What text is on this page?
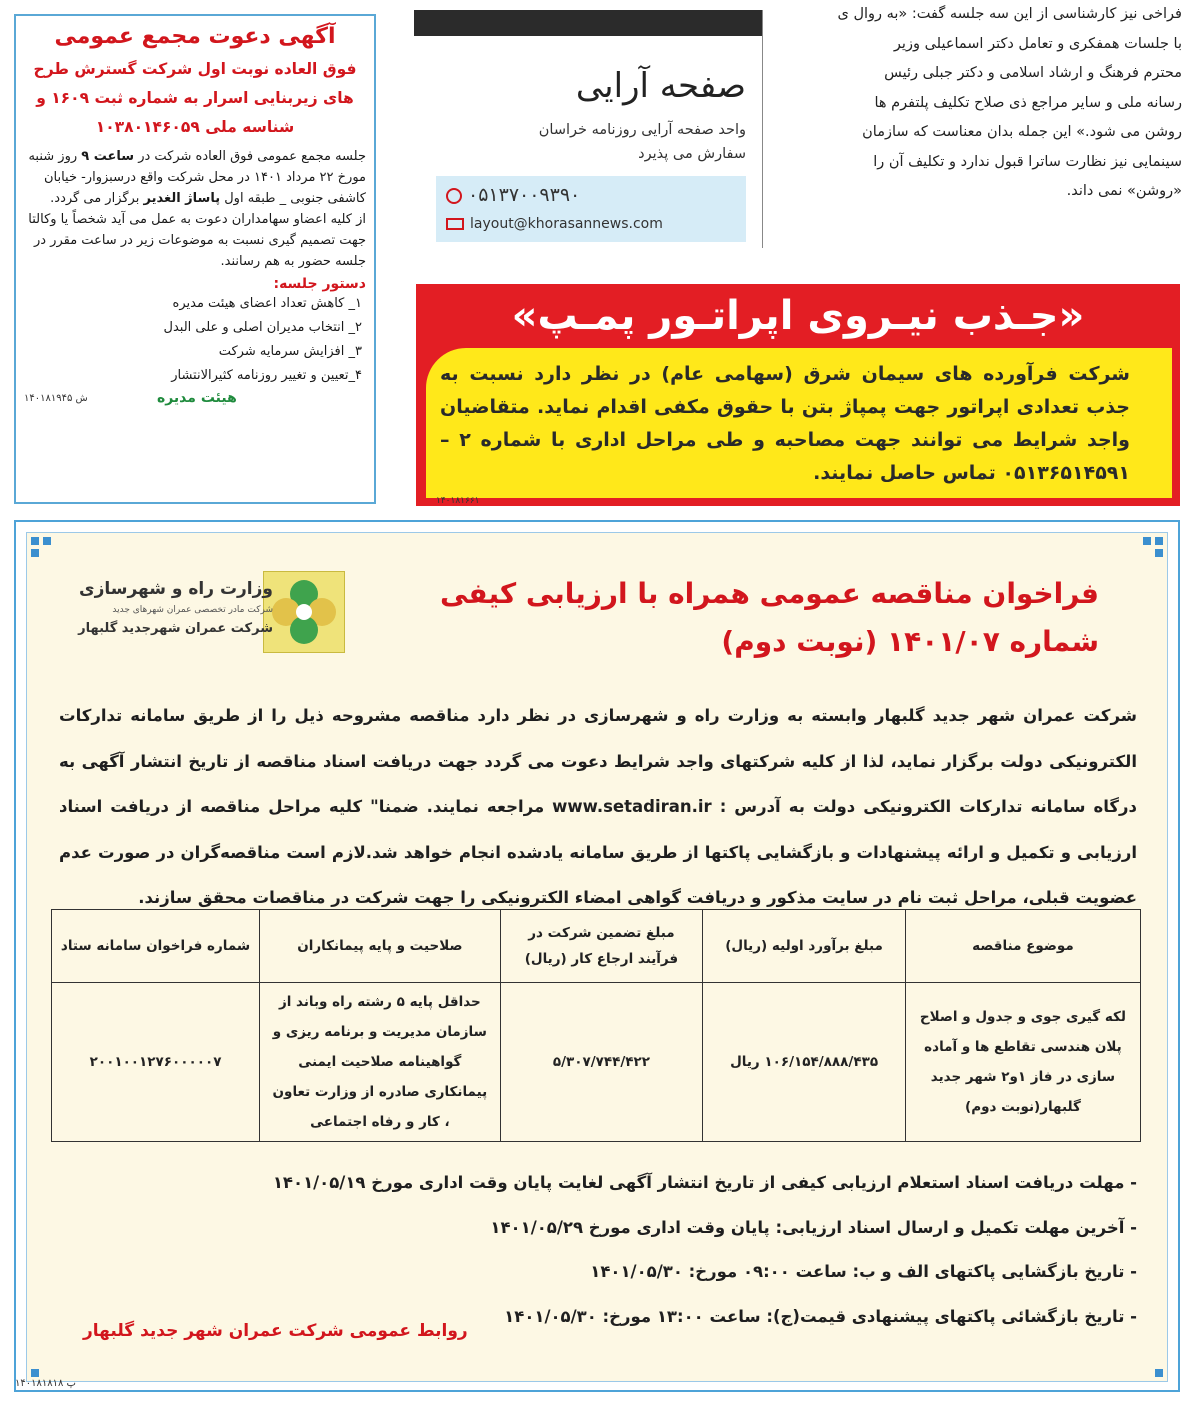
آگهی دعوت مجمع عمومی
فوق العاده نوبت اول شرکت گسترش طرح
های زیربنایی اسرار به شماره ثبت ۱۶۰۹ و
شناسه ملی ۱۰۳۸۰۱۴۶۰۵۹
جلسه مجمع عمومی فوق العاده شرکت در ساعت ۹ روز شنبه مورخ ۲۲ مرداد ۱۴۰۱ در محل شرکت واقع درسبزوار- خیابان کاشفی جنوبی _ طبقه اول پاساژ الغدیر برگزار می گردد.
از کلیه اعضاو سهامداران دعوت به عمل می آید شخصاً یا وکالتا جهت تصمیم گیری نسبت به موضوعات زیر در ساعت مقرر در جلسه حضور به هم رسانند.
دستور جلسه:
۱_ کاهش تعداد اعضای هیئت مدیره
۲_ انتخاب مدیران اصلی و علی البدل
۳_ افزایش سرمایه شرکت
۴_تعیین و تغییر روزنامه کثیرالانتشار
۱۴۰۱۸۱۹۴۵ ش	هیئت مدیره
صفحه آرایی
واحد صفحه آرایی روزنامه خراسان
سفارش می پذیرد
۰۵۱۳۷۰۰۹۳۹۰
layout@khorasannews.com
فراخی نیز کارشناسی از این سه جلسه گفت: «به روال ی
با جلسات همفکری و تعامل دکتر اسماعیلی وزیر
محترم فرهنگ و ارشاد اسلامی و دکتر جبلی رئیس
رسانه ملی و سایر مراجع ذی صلاح تکلیف پلتفرم ها
روشن می شود.» این جمله بدان معناست که سازمان
سینمایی نیز نظارت ساترا قبول ندارد و تکلیف آن را
«روشن» نمی داند.
«جـذب نیـروی اپراتـور پمـپ»
شرکت فرآورده های سیمان شرق (سهامی عام) در نظر دارد نسبت به جذب تعدادی اپراتور جهت پمپاژ بتن با حقوق مکفی اقدام نماید. متقاضیان واجد شرایط می توانند جهت مصاحبه و طی مراحل اداری با شماره ۲ – ۰۵۱۳۶۵۱۴۵۹۱ تماس حاصل نمایند.
۱۴۰۱۸۱۶۶۱
فراخوان مناقصه عمومی همراه با ارزیابی کیفی
شماره ۱۴۰۱/۰۷ (نوبت دوم)
وزارت راه و شهرسازی
شرکت مادر تخصصی عمران شهرهای جدید
شرکت عمران شهرجدید گلبهار
شرکت عمران شهر جدید گلبهار وابسته به وزارت راه و شهرسازی در نظر دارد مناقصه مشروحه ذیل را از طریق سامانه تدارکات الکترونیکی دولت برگزار نماید، لذا از کلیه شرکتهای واجد شرایط دعوت می گردد جهت دریافت اسناد مناقصه از تاریخ انتشار آگهی به درگاه سامانه تدارکات الکترونیکی دولت به آدرس : www.setadiran.ir مراجعه نمایند. ضمنا" کلیه مراحل مناقصه از دریافت اسناد ارزیابی و تکمیل و ارائه پیشنهادات و بازگشایی پاکتها از طریق سامانه یادشده انجام خواهد شد.لازم است مناقصه‌گران در صورت عدم عضویت قبلی، مراحل ثبت نام در سایت مذکور و دریافت گواهی امضاء الکترونیکی را جهت شرکت در مناقصات محقق سازند.
موضوع مناقصه	مبلغ برآورد اولیه (ریال)	مبلغ تضمین شرکت در فرآیند ارجاع کار (ریال)	صلاحیت و پایه پیمانکاران	شماره فراخوان سامانه ستاد
لکه گیری جوی و جدول و اصلاح پلان هندسی تقاطع ها و آماده سازی در فاز ۱و۲ شهر جدید گلبهار(نوبت دوم)	۱۰۶/۱۵۴/۸۸۸/۴۳۵ ریال	۵/۳۰۷/۷۴۴/۴۲۲	حداقل پایه ۵ رشته راه وباند از سازمان مدیریت و برنامه ریزی و گواهینامه صلاحیت ایمنی پیمانکاری صادره از وزارت تعاون ، کار و رفاه اجتماعی	۲۰۰۱۰۰۱۲۷۶۰۰۰۰۰۷
- مهلت دریافت اسناد استعلام ارزیابی کیفی از تاریخ انتشار آگهی لغایت پایان وقت اداری مورخ ۱۴۰۱/۰۵/۱۹
- آخرین مهلت تکمیل و ارسال اسناد ارزیابی: پایان وقت اداری مورخ ۱۴۰۱/۰۵/۲۹
- تاریخ بازگشایی پاکتهای الف و ب: ساعت ۰۹:۰۰ مورخ: ۱۴۰۱/۰۵/۳۰
- تاریخ بازگشائی پاکتهای پیشنهادی قیمت(ج): ساعت ۱۳:۰۰ مورخ: ۱۴۰۱/۰۵/۳۰
روابط عمومی شرکت عمران شهر جدید گلبهار
۱۴۰۱۸۱۸۱۸ پ
